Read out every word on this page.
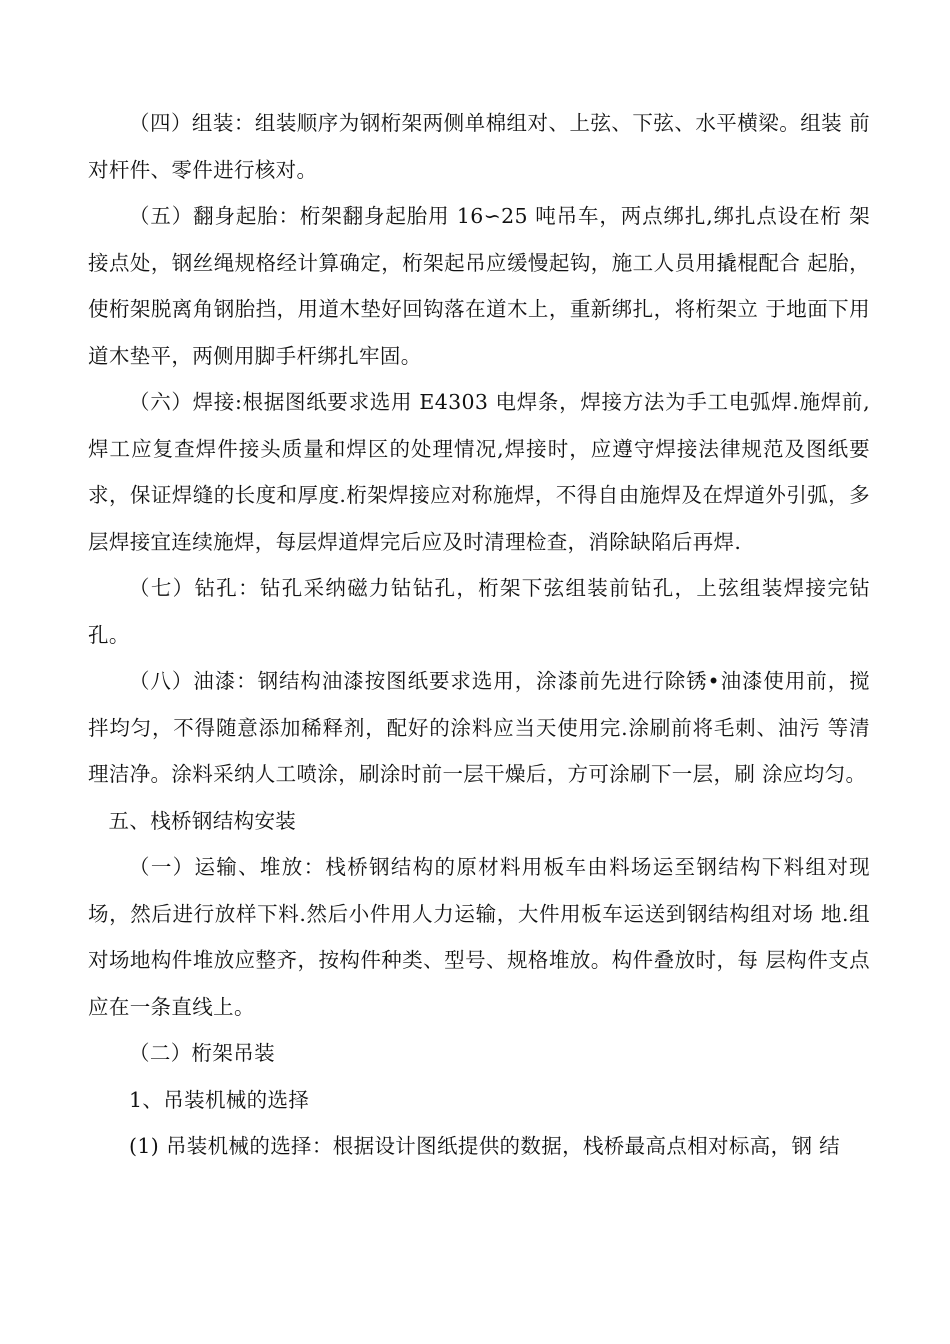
（四）组装：组装顺序为钢桁架两侧单棉组对、上弦、下弦、水平横梁。组装 前对杆件、零件进行核对。

（五）翻身起胎：桁架翻身起胎用 16∽25 吨吊车，两点绑扎,绑扎点设在桁 架接点处，钢丝绳规格经计算确定，桁架起吊应缓慢起钩，施工人员用撬棍配合 起胎，使桁架脱离角钢胎挡，用道木垫好回钩落在道木上，重新绑扎，将桁架立 于地面下用道木垫平，两侧用脚手杆绑扎牢固。

（六）焊接:根据图纸要求选用 E4303 电焊条，焊接方法为手工电弧焊.施焊前,焊工应复查焊件接头质量和焊区的处理情况,焊接时，应遵守焊接法律规范及图纸要求，保证焊缝的长度和厚度.桁架焊接应对称施焊，不得自由施焊及在焊道外引弧，多层焊接宜连续施焊，每层焊道焊完后应及时清理检查，消除缺陷后再焊.

（七）钻孔：钻孔采纳磁力钻钻孔，桁架下弦组装前钻孔，上弦组装焊接完钻孔。

（八）油漆：钢结构油漆按图纸要求选用，涂漆前先进行除锈•油漆使用前，搅拌均匀，不得随意添加稀释剂，配好的涂料应当天使用完.涂刷前将毛刺、油污 等清理洁净。涂料采纳人工喷涂，刷涂时前一层干燥后，方可涂刷下一层，刷 涂应均匀。

五、栈桥钢结构安装

（一）运输、堆放：栈桥钢结构的原材料用板车由料场运至钢结构下料组对现场，然后进行放样下料.然后小件用人力运输，大件用板车运送到钢结构组对场 地.组对场地构件堆放应整齐，按构件种类、型号、规格堆放。构件叠放时，每 层构件支点应在一条直线上。

（二）桁架吊装

1、吊装机械的选择

(1) 吊装机械的选择：根据设计图纸提供的数据，栈桥最高点相对标高，钢 结
